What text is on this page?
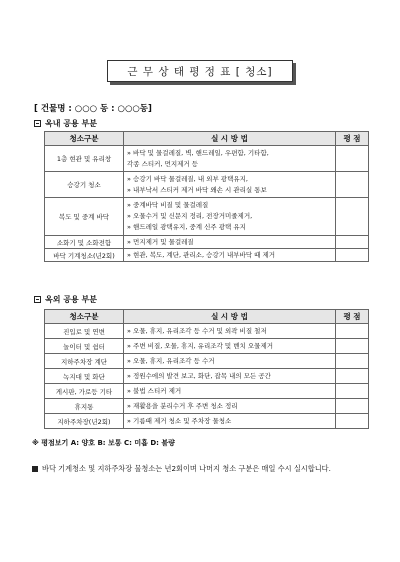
근 무 상 태 평 정 표 [ 청소]
[ 건물명 : ○○○ 동 : ○○○동]
옥내 공용 부분
청소구분	실 시 방 법	평 점
1층 현관 및 유리창	» 바닥 및 물걸레질, 벽, 핸드레일, 우편함, 기타함,
각종 스티커, 먼지제거 등	

승강기 청소	» 승강기 바닥 물걸레질, 내 외부 광택유지,
» 내부낙서 스티커 제거 바닥 왜손 시 관리실 통보	

복도 및 중계 바닥	» 중계바닥 비질 및 물걸레질
» 오물수거 및 신문지 정리, 전장거미줄제거,
» 핸드레일 광택유지, 중계 신주 광택 유지	

소화기 및 소화전함	» 먼지제거 및 물걸레질	

바닥 기계청소(년2회)	» 현관, 복도, 계단, 관리소, 승강기 내부바닥 때 제거	

옥외 공용 부분
청소구분	실 시 방 법	평 점
진입로 및 연변	» 오물, 휴지, 유리조각 등 수거 및 외곽 비질 철저	

놀이터 및 쉼터	» 주변 비질, 오물, 휴지, 유리조각 및 벤치 오물제거	

지하주차장 계단	» 오물, 휴지, 유리조각 등 수거	

녹지대 및 화단	» 정원수에의 발견 보고, 화단, 잡목 내의 모든 공간	

게시판, 가로등 기타	» 불법 스티커 제거	

휴지통	» 재활용을 분리수거 후 주변 청소 정리	

지하주차장(년2회)	» 기름때 제거 청소 및 주차장 물청소	

※ 평점보기 A: 양호 B: 보통 C: 미흡 D: 불량
바닥 기계청소 및 지하주차장 물청소는 년2회이며 나머지 청소 구분은 매일 수시 실시합니다.
